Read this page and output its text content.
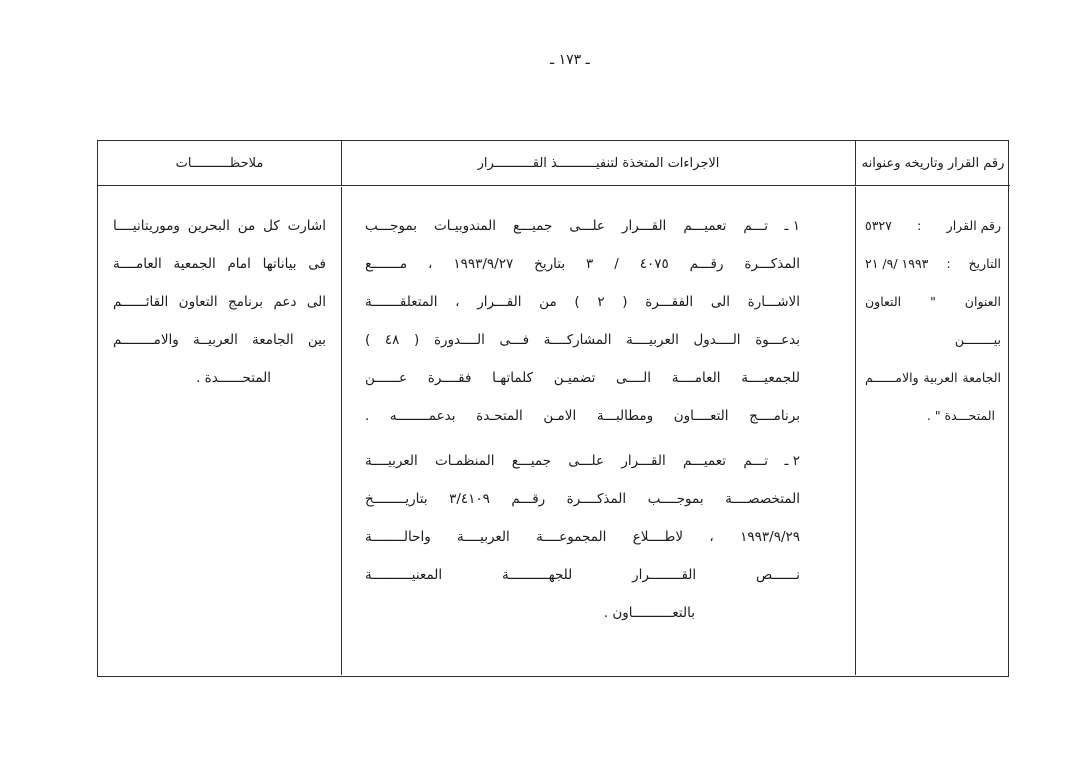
ـ ١٧٣ ـ
ملاحظــــــــــات	الاجراءات المتخذة لتنفيــــــــــذ القــــــــــرار	رقم القرار وتاريخه وعنوانه
رقم القرار
:
٥٣٢٧
التاريخ
:
١٩٩٣ /٩/ ٢١
العنوان " التعاون بيــــــــن
الجامعة العربية والامــــــم
المتحـــدة " .
١ ـ
تـــم تعميـــم القـــرار علـــى جميـــع المندوبيـات بموجـــب
المذكـــرة رقـــم ٤٠٧٥ / ٣ بتاريخ ١٩٩٣/٩/٢٧ ، مـــــــع
الاشـــارة الى الفقـــرة ( ٢ ) من القـــرار ، المتعلقـــــــة
بدعـــوة الــــدول العربيــــة المشاركــــة فـــى الــــدورة ( ٤٨ )
للجمعيــــة العامــــة الــــى تضميـن كلماتهـا فقــــرة عــــــن
برنامــــج التعــــاون ومطالبـــة الامـن المتحـدة بدعمــــــــه .
٢ ـ
تـــم تعميـــم القـــرار علـــى جميـــع المنظمـات العربيــــة
المتخصصــــة بموجــــب المذكــــرة رقـــم ٣/٤١٠٩ بتاريــــــــخ
١٩٩٣/٩/٢٩ ، لاطــــلاع المجموعــــة العربيــــة واحالــــــــة
نــــــص القــــــــرار للجهــــــــــة المعنيــــــــــة
بالتعــــــــــاون .
اشارت كل من البحرين وموريتانيــــا
فى بياناتها امام الجمعية العامــــة
الى دعم برنامج التعاون القائــــــم
بين الجامعة العربيــة والامــــــــم
المتحــــــدة .
